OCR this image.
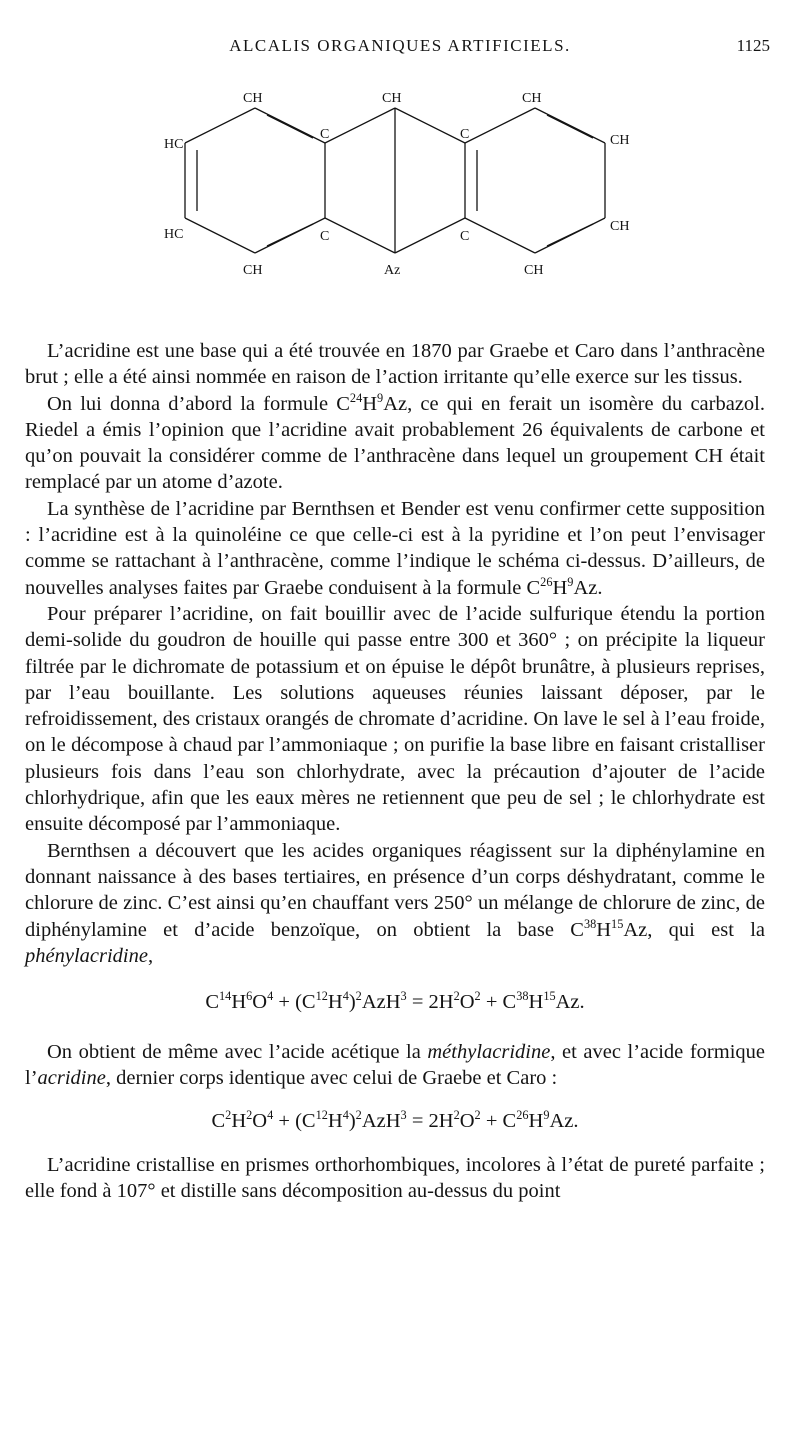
ALCALIS ORGANIQUES ARTIFICIELS.	1125
CH	CH	CH
HC
HC
CH
CH
C	C
C	C
CH	Az	CH

L’acridine est une base qui a été trouvée en 1870 par Graebe et Caro dans l’anthracène brut ; elle a été ainsi nommée en raison de l’action irritante qu’elle exerce sur les tissus.

On lui donna d’abord la formule $C^{24}H^9Az$, ce qui en ferait un isomère du carbazol. Riedel a émis l’opinion que l’acridine avait probablement 26 équivalents de carbone et qu’on pouvait la considérer comme de l’anthracène dans lequel un groupement CH était remplacé par un atome d’azote.

La synthèse de l’acridine par Bernthsen et Bender est venu confirmer cette supposition : l’acridine est à la quinoléine ce que celle-ci est à la pyridine et l’on peut l’envisager comme se rattachant à l’anthracène, comme l’indique le schéma ci-dessus. D’ailleurs, de nouvelles analyses faites par Graebe conduisent à la formule $C^{26}H^9Az$.

Pour préparer l’acridine, on fait bouillir avec de l’acide sulfurique étendu la portion demi-solide du goudron de houille qui passe entre 300 et 360° ; on précipite la liqueur filtrée par le dichromate de potassium et on épuise le dépôt brunâtre, à plusieurs reprises, par l’eau bouillante. Les solutions aqueuses réunies laissant déposer, par le refroidissement, des cristaux orangés de chromate d’acridine. On lave le sel à l’eau froide, on le décompose à chaud par l’ammoniaque ; on purifie la base libre en faisant cristalliser plusieurs fois dans l’eau son chlorhydrate, avec la précaution d’ajouter de l’acide chlorhydrique, afin que les eaux mères ne retiennent que peu de sel ; le chlorhydrate est ensuite décomposé par l’ammoniaque.

Bernthsen a découvert que les acides organiques réagissent sur la diphénylamine en donnant naissance à des bases tertiaires, en présence d’un corps déshydratant, comme le chlorure de zinc. C’est ainsi qu’en chauffant vers 250° un mélange de chlorure de zinc, de diphénylamine et d’acide benzoïque, on obtient la base $C^{38}H^{15}Az$, qui est la phénylacridine,

$C^{14}H^6O^4 + (C^{12}H^4)^2AzH^3 = 2H^2O^2 + C^{38}H^{15}Az$.

On obtient de même avec l’acide acétique la méthylacridine, et avec l’acide formique l’acridine, dernier corps identique avec celui de Graebe et Caro :

$C^2H^2O^4 + (C^{12}H^4)^2AzH^3 = 2H^2O^2 + C^{26}H^9Az$.

L’acridine cristallise en prismes orthorhombiques, incolores à l’état de pureté parfaite ; elle fond à 107° et distille sans décomposition au-dessus du point
